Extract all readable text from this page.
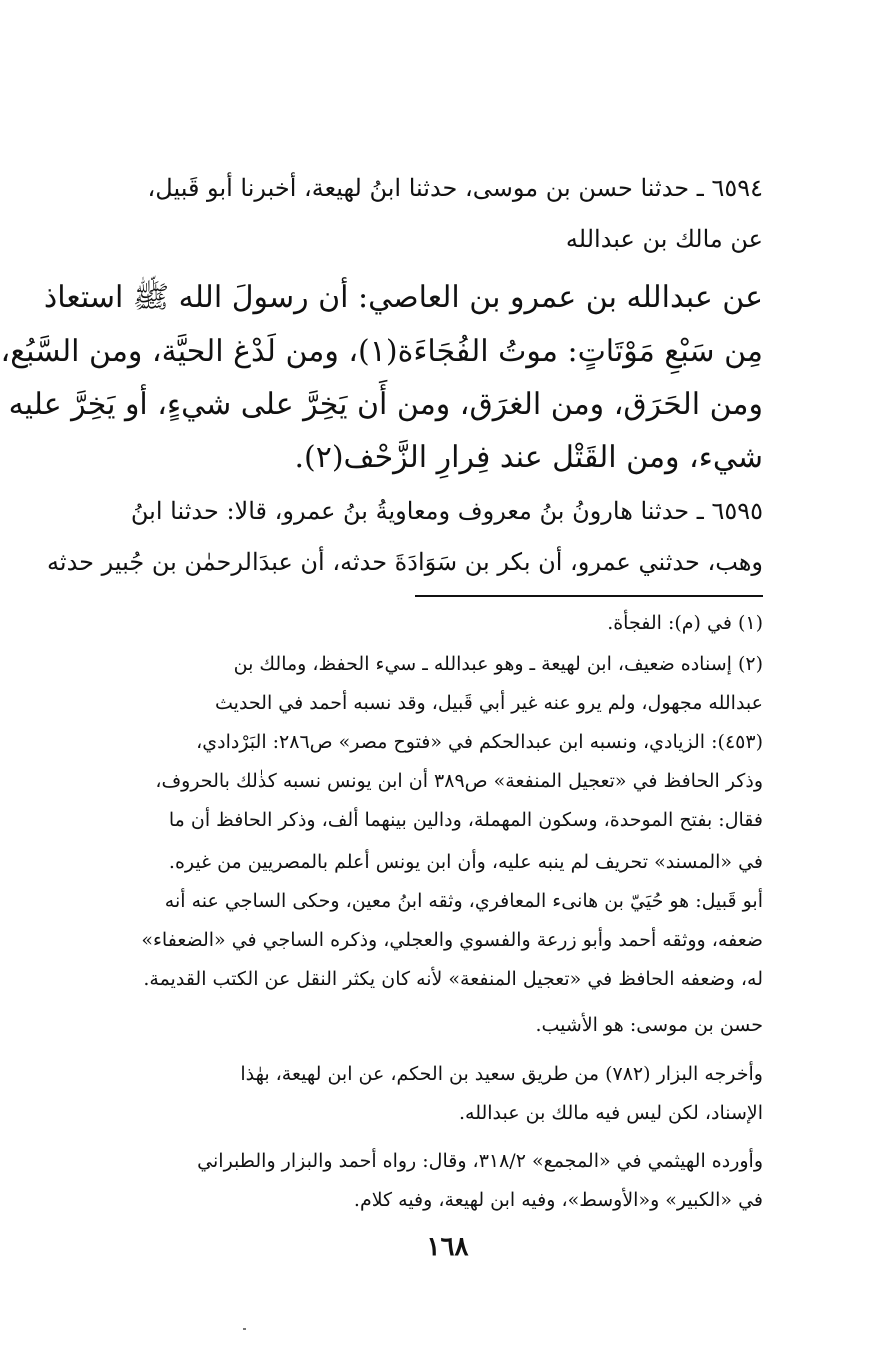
٦٥٩٤ ـ حدثنا حسن بن موسى، حدثنا ابنُ لهيعة، أخبرنا أبو قَبيل،
عن مالك بن عبدالله
عن عبدالله بن عمرو بن العاصي: أن رسولَ الله ﷺ استعاذ
مِن سَبْعِ مَوْتَاتٍ: موتُ الفُجَاءَة(١)، ومن لَدْغ الحيَّة، ومن السَّبُع،
ومن الحَرَق، ومن الغرَق، ومن أَن يَخِرَّ على شيءٍ، أو يَخِرَّ عليه
شيء، ومن القَتْل عند فِرارِ الزَّحْف(٢).
٦٥٩٥ ـ حدثنا هارونُ بنُ معروف ومعاويةُ بنُ عمرو، قالا: حدثنا ابنُ
وهب، حدثني عمرو، أن بكر بن سَوَادَةَ حدثه، أن عبدَالرحمٰن بن جُبير حدثه
(١) في (م): الفجأة.
(٢) إسناده ضعيف، ابن لهيعة ـ وهو عبدالله ـ سيء الحفظ، ومالك بن
عبدالله مجهول، ولم يرو عنه غير أبي قَبيل، وقد نسبه أحمد في الحديث
(٤٥٣): الزيادي، ونسبه ابن عبدالحكم في «فتوح مصر» ص٢٨٦: البَرْدادي،
وذكر الحافظ في «تعجيل المنفعة» ص٣٨٩ أن ابن يونس نسبه كذٰلك بالحروف،
فقال: بفتح الموحدة، وسكون المهملة، ودالين بينهما ألف، وذكر الحافظ أن ما
في «المسند» تحريف لم ينبه عليه، وأن ابن يونس أعلم بالمصريين من غيره.
أبو قَبيل: هو حُيَيّ بن هانىء المعافري، وثقه ابنُ معين، وحكى الساجي عنه أنه
ضعفه، ووثقه أحمد وأبو زرعة والفسوي والعجلي، وذكره الساجي في «الضعفاء»
له، وضعفه الحافظ في «تعجيل المنفعة» لأنه كان يكثر النقل عن الكتب القديمة.
حسن بن موسى: هو الأشيب.
وأخرجه البزار (٧٨٢) من طريق سعيد بن الحكم، عن ابن لهيعة، بهٰذا
الإسناد، لكن ليس فيه مالك بن عبدالله.
وأورده الهيثمي في «المجمع» ٣١٨/٢، وقال: رواه أحمد والبزار والطبراني
في «الكبير» و«الأوسط»، وفيه ابن لهيعة، وفيه كلام.
١٦٨
